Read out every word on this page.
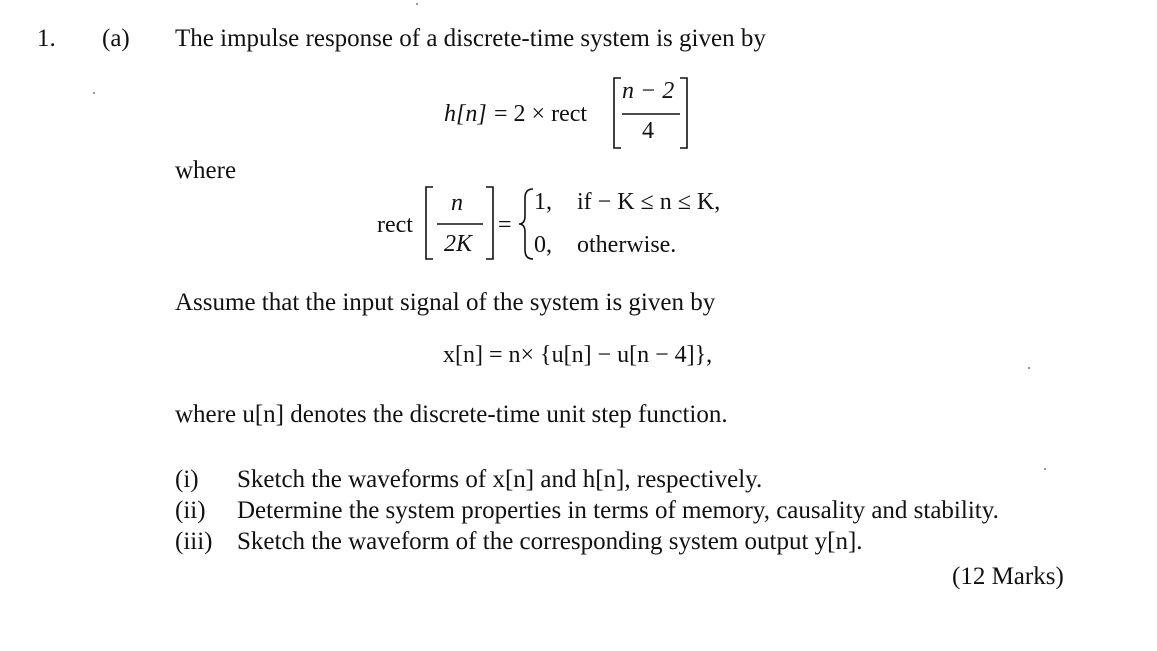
1. (a) The impulse response of a discrete-time system is given by
h[n] = 2 × rect
n − 2
4
where
rect
n
2K
=
1, if − K ≤ n ≤ K,
0, otherwise.
Assume that the input signal of the system is given by
x[n] = n× {u[n] − u[n − 4]},
where u[n] denotes the discrete-time unit step function.
(i) Sketch the waveforms of x[n] and h[n], respectively.
(ii) Determine the system properties in terms of memory, causality and stability.
(iii) Sketch the waveform of the corresponding system output y[n].
(12 Marks)
